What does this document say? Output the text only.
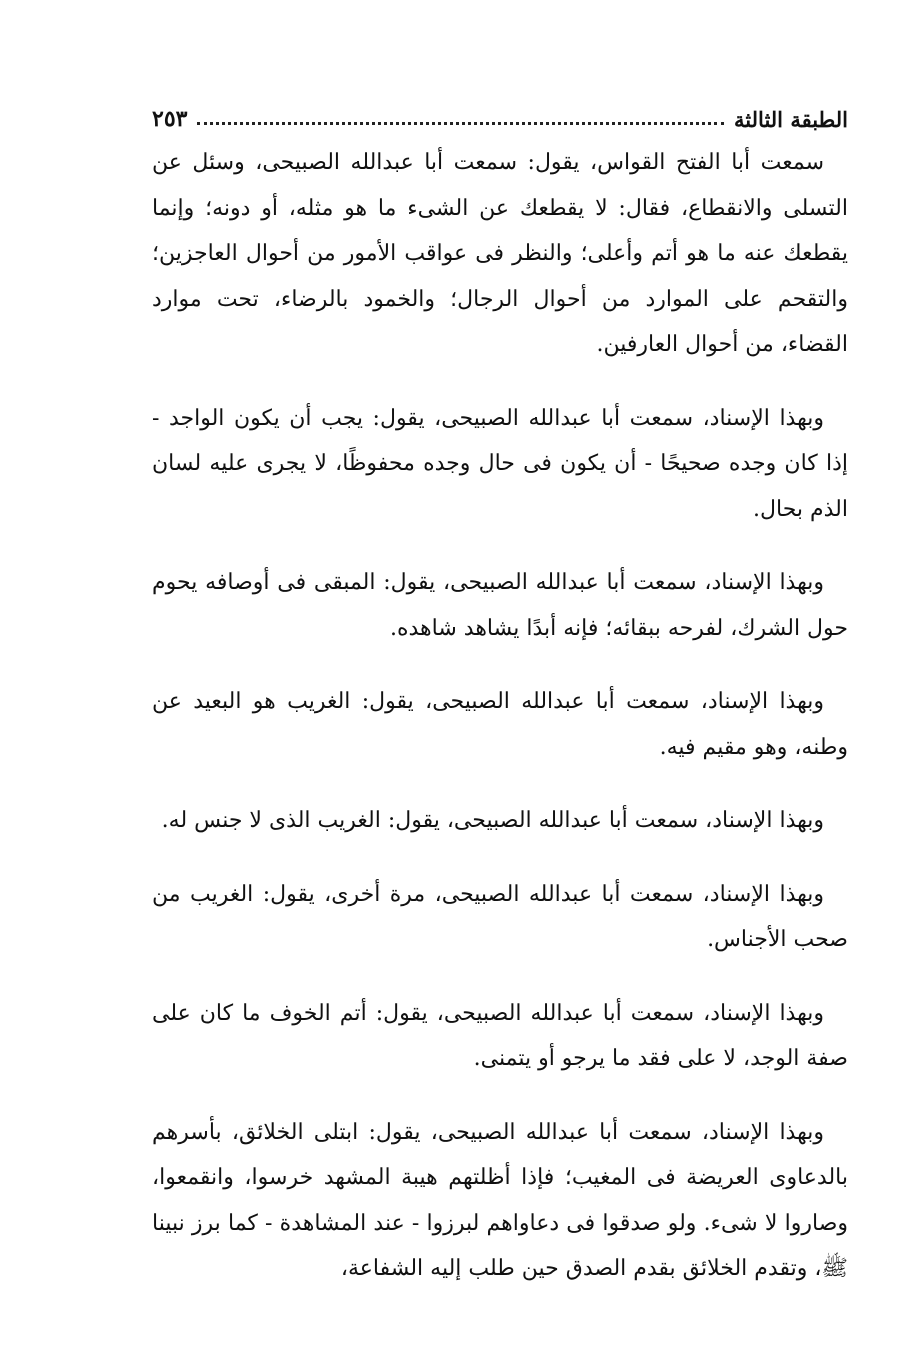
الطبقة الثالثة
٢٥٣

سمعت أبا الفتح القواس، يقول: سمعت أبا عبدالله الصبيحى، وسئل عن التسلى والانقطاع، فقال: لا يقطعك عن الشىء ما هو مثله، أو دونه؛ وإنما يقطعك عنه ما هو أتم وأعلى؛ والنظر فى عواقب الأمور من أحوال العاجزين؛ والتقحم على الموارد من أحوال الرجال؛ والخمود بالرضاء، تحت موارد القضاء، من أحوال العارفين.

وبهذا الإسناد، سمعت أبا عبدالله الصبيحى، يقول: يجب أن يكون الواجد - إذا كان وجده صحيحًا - أن يكون فى حال وجده محفوظًا، لا يجرى عليه لسان الذم بحال.

وبهذا الإسناد، سمعت أبا عبدالله الصبيحى، يقول: المبقى فى أوصافه يحوم حول الشرك، لفرحه ببقائه؛ فإنه أبدًا يشاهد شاهده.

وبهذا الإسناد، سمعت أبا عبدالله الصبيحى، يقول: الغريب هو البعيد عن وطنه، وهو مقيم فيه.

وبهذا الإسناد، سمعت أبا عبدالله الصبيحى، يقول: الغريب الذى لا جنس له.

وبهذا الإسناد، سمعت أبا عبدالله الصبيحى، مرة أخرى، يقول: الغريب من صحب الأجناس.

وبهذا الإسناد، سمعت أبا عبدالله الصبيحى، يقول: أتم الخوف ما كان على صفة الوجد، لا على فقد ما يرجو أو يتمنى.

وبهذا الإسناد، سمعت أبا عبدالله الصبيحى، يقول: ابتلى الخلائق، بأسرهم بالدعاوى العريضة فى المغيب؛ فإذا أظلتهم هيبة المشهد خرسوا، وانقمعوا، وصاروا لا شىء. ولو صدقوا فى دعاواهم لبرزوا - عند المشاهدة - كما برز نبينا ﷺ، وتقدم الخلائق بقدم الصدق حين طلب إليه الشفاعة،
